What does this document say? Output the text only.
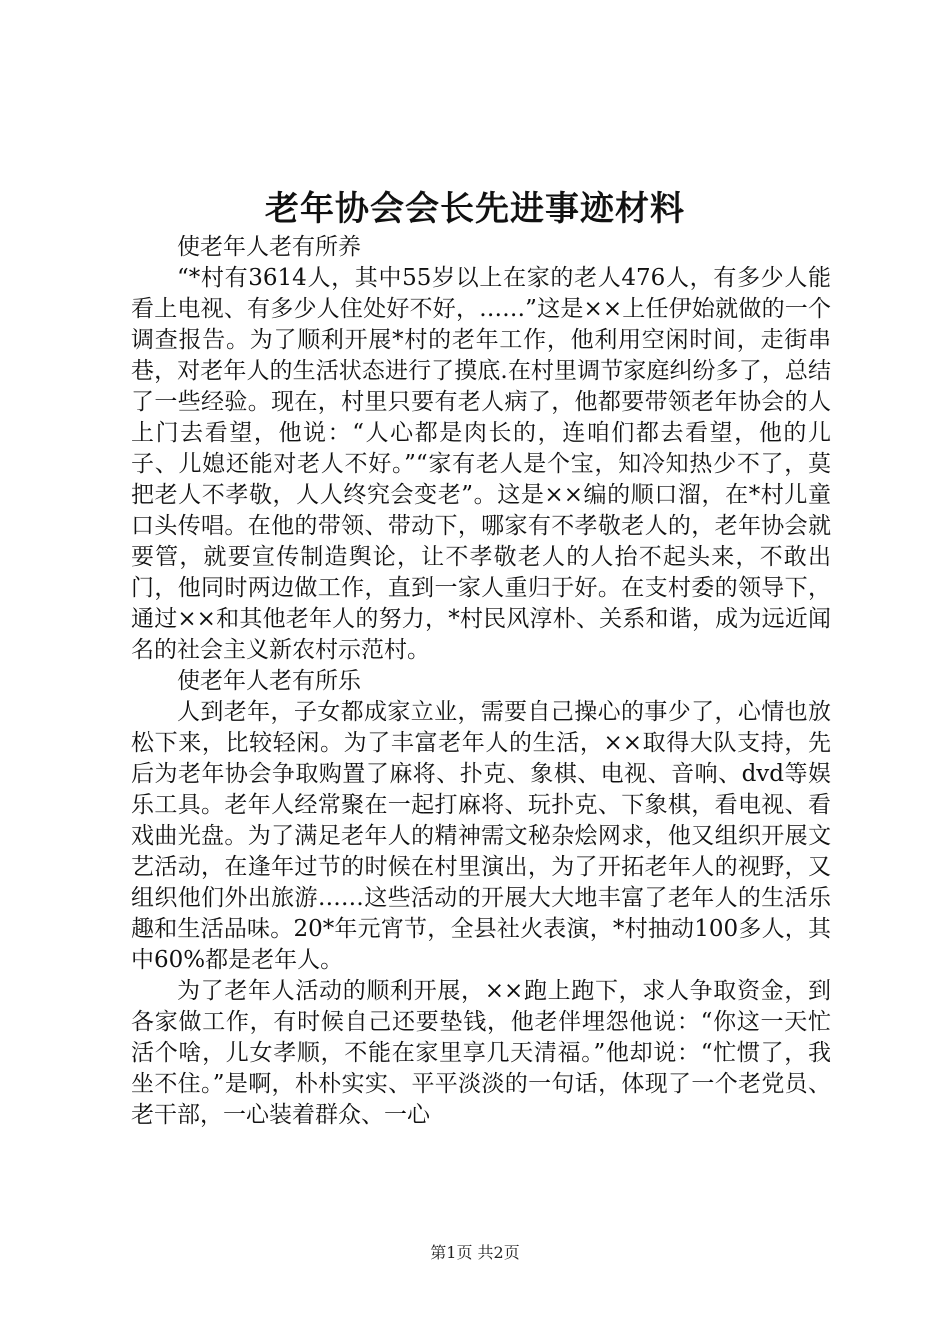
老年协会会长先进事迹材料

使老年人老有所养

“*村有3614人，其中55岁以上在家的老人476人，有多少人能看上电视、有多少人住处好不好，……”这是××上任伊始就做的一个调查报告。为了顺利开展*村的老年工作，他利用空闲时间，走街串巷，对老年人的生活状态进行了摸底.在村里调节家庭纠纷多了，总结了一些经验。现在，村里只要有老人病了，他都要带领老年协会的人上门去看望，他说：“人心都是肉长的，连咱们都去看望，他的儿子、儿媳还能对老人不好。”“家有老人是个宝，知冷知热少不了，莫把老人不孝敬，人人终究会变老”。这是××编的顺口溜，在*村儿童口头传唱。在他的带领、带动下，哪家有不孝敬老人的，老年协会就要管，就要宣传制造舆论，让不孝敬老人的人抬不起头来，不敢出门，他同时两边做工作，直到一家人重归于好。在支村委的领导下，通过××和其他老年人的努力，*村民风淳朴、关系和谐，成为远近闻名的社会主义新农村示范村。

使老年人老有所乐

人到老年，子女都成家立业，需要自己操心的事少了，心情也放松下来，比较轻闲。为了丰富老年人的生活，××取得大队支持，先后为老年协会争取购置了麻将、扑克、象棋、电视、音响、dvd等娱乐工具。老年人经常聚在一起打麻将、玩扑克、下象棋，看电视、看戏曲光盘。为了满足老年人的精神需文秘杂烩网求，他又组织开展文艺活动，在逢年过节的时候在村里演出，为了开拓老年人的视野，又组织他们外出旅游……这些活动的开展大大地丰富了老年人的生活乐趣和生活品味。20*年元宵节，全县社火表演，*村抽动100多人，其中60%都是老年人。

为了老年人活动的顺利开展，××跑上跑下，求人争取资金，到各家做工作，有时候自己还要垫钱，他老伴埋怨他说：“你这一天忙活个啥，儿女孝顺，不能在家里享几天清福。”他却说：“忙惯了，我坐不住。”是啊，朴朴实实、平平淡淡的一句话，体现了一个老党员、老干部，一心装着群众、一心

第1页 共2页
